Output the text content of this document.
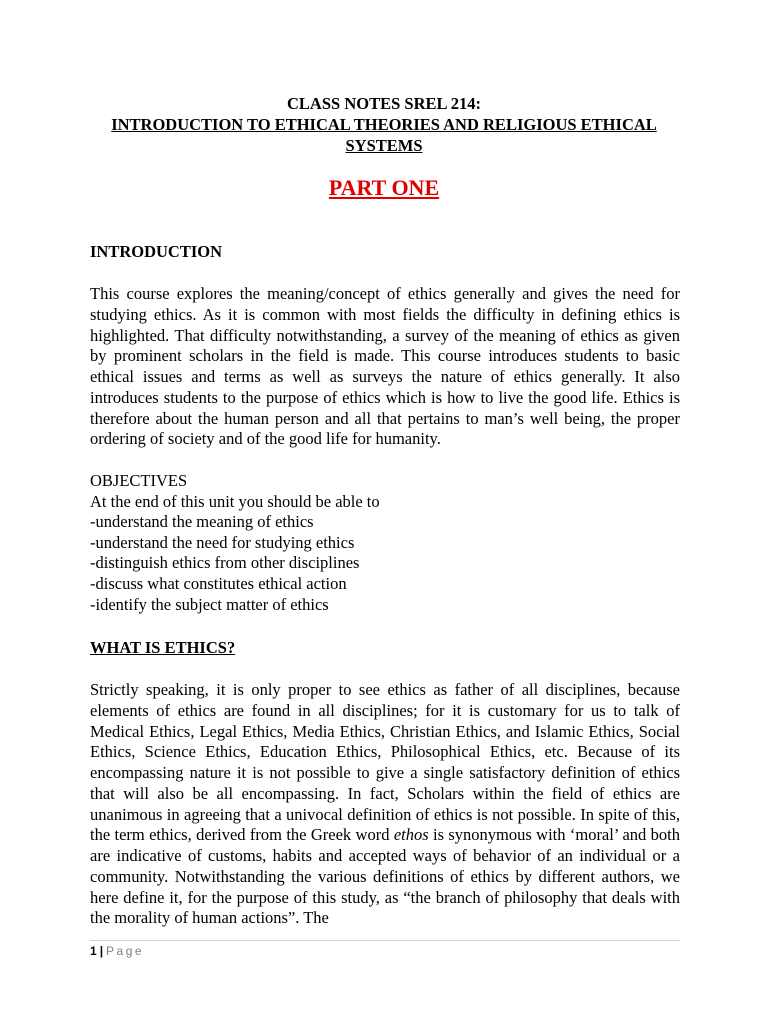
CLASS NOTES SREL 214:
INTRODUCTION TO ETHICAL THEORIES AND RELIGIOUS ETHICAL SYSTEMS
PART ONE
INTRODUCTION
This course explores the meaning/concept of ethics generally and gives the need for studying ethics. As it is common with most fields the difficulty in defining ethics is highlighted. That difficulty notwithstanding, a survey of the meaning of ethics as given by prominent scholars in the field is made. This course introduces students to basic ethical issues and terms as well as surveys the nature of ethics generally. It also introduces students to the purpose of ethics which is how to live the good life. Ethics is therefore about the human person and all that pertains to man’s well being, the proper ordering of society and of the good life for humanity.
OBJECTIVES
At the end of this unit you should be able to
-understand the meaning of ethics
-understand the need for studying ethics
-distinguish ethics from other disciplines
-discuss what constitutes ethical action
-identify the subject matter of ethics
WHAT IS ETHICS?
Strictly speaking, it is only proper to see ethics as father of all disciplines, because elements of ethics are found in all disciplines; for it is customary for us to talk of Medical Ethics, Legal Ethics, Media Ethics, Christian Ethics, and Islamic Ethics, Social Ethics, Science Ethics, Education Ethics, Philosophical Ethics, etc. Because of its encompassing nature it is not possible to give a single satisfactory definition of ethics that will also be all encompassing. In fact, Scholars within the field of ethics are unanimous in agreeing that a univocal definition of ethics is not possible. In spite of this, the term ethics, derived from the Greek word ethos is synonymous with ‘moral’ and both are indicative of customs, habits and accepted ways of behavior of an individual or a community. Notwithstanding the various definitions of ethics by different authors, we here define it, for the purpose of this study, as “the branch of philosophy that deals with the morality of human actions”. The
1 | Page
